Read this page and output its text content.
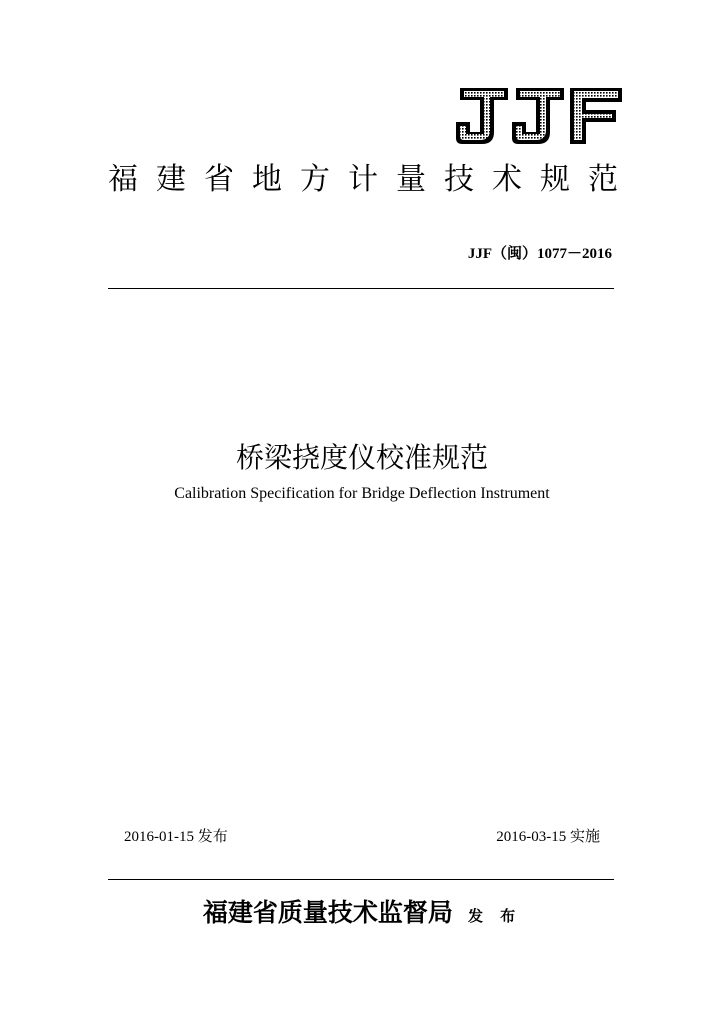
福 建 省 地 方 计 量 技 术 规 范
JJF（闽）1077－2016
桥梁挠度仪校准规范
Calibration Specification for Bridge Deflection Instrument
2016-01-15 发布	2016-03-15 实施
福建省质量技术监督局 发 布
